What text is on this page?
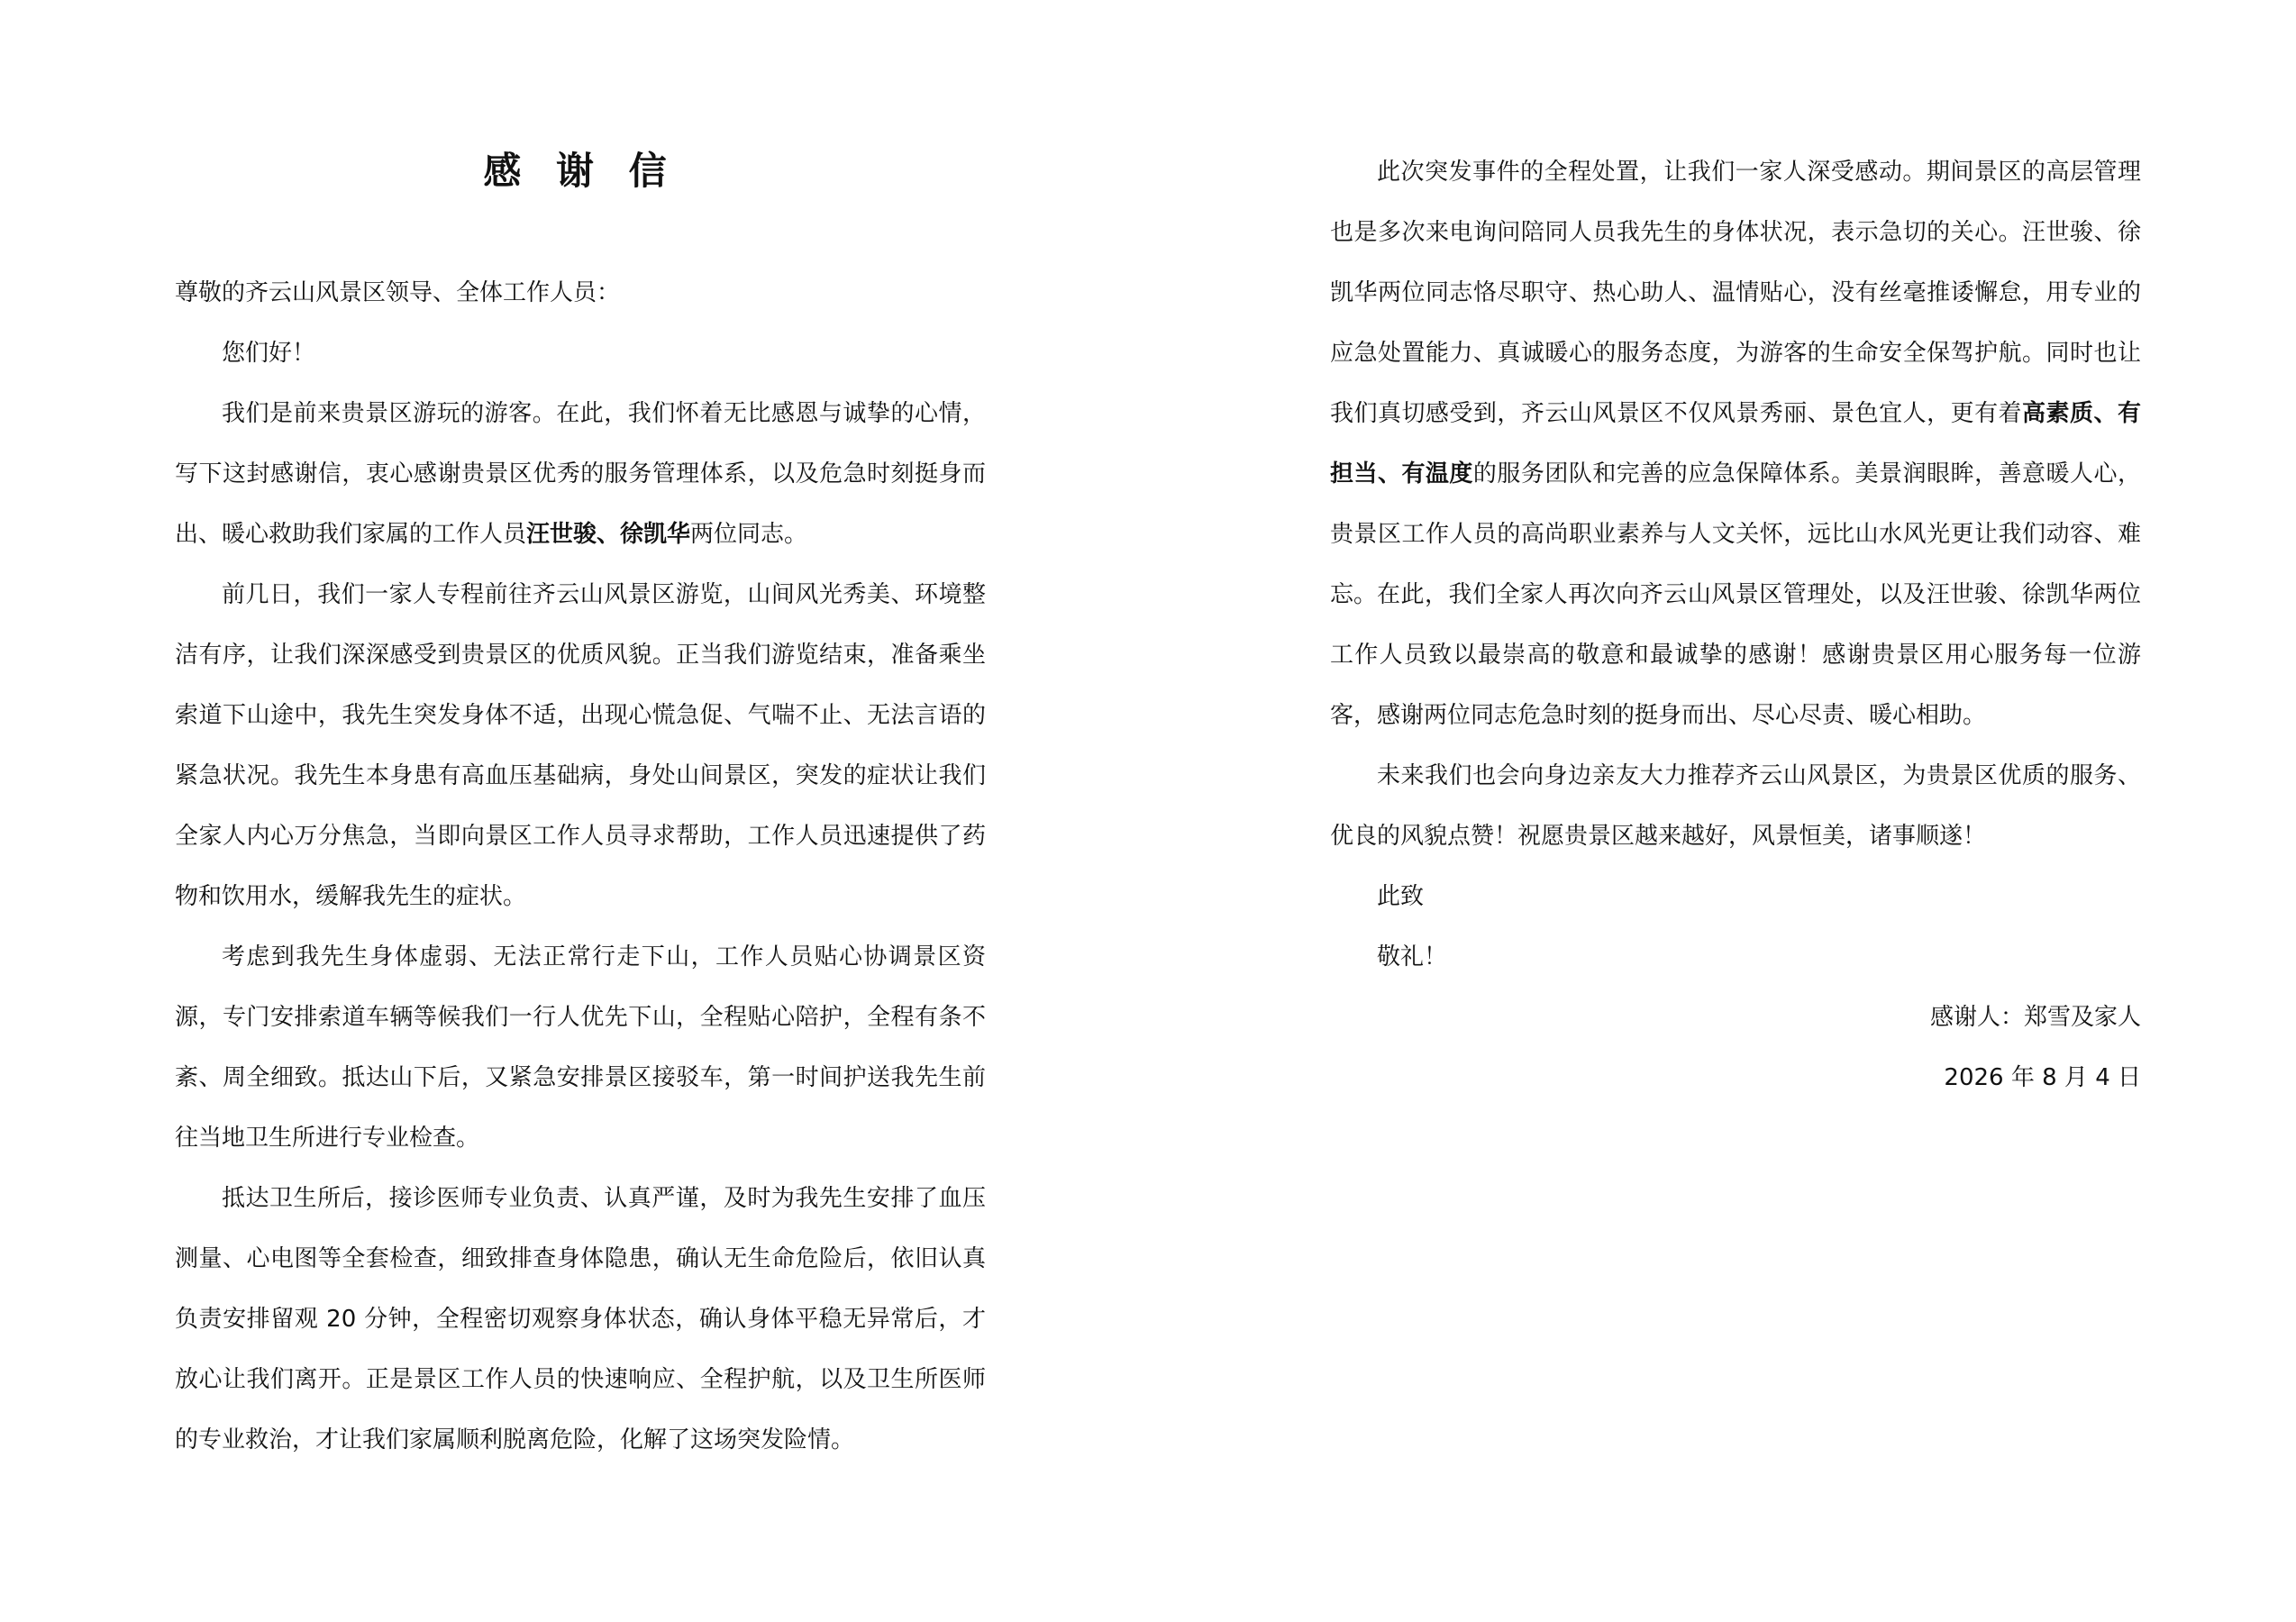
感 谢 信

尊敬的齐云山风景区领导、全体工作人员：

您们好！

我们是前来贵景区游玩的游客。在此，我们怀着无比感恩与诚挚的心情，写下这封感谢信，衷心感谢贵景区优秀的服务管理体系，以及危急时刻挺身而出、暖心救助我们家属的工作人员汪世骏、徐凯华两位同志。

前几日，我们一家人专程前往齐云山风景区游览，山间风光秀美、环境整洁有序，让我们深深感受到贵景区的优质风貌。正当我们游览结束，准备乘坐索道下山途中，我先生突发身体不适，出现心慌急促、气喘不止、无法言语的紧急状况。我先生本身患有高血压基础病，身处山间景区，突发的症状让我们全家人内心万分焦急，当即向景区工作人员寻求帮助，工作人员迅速提供了药物和饮用水，缓解我先生的症状。

考虑到我先生身体虚弱、无法正常行走下山，工作人员贴心协调景区资源，专门安排索道车辆等候我们一行人优先下山，全程贴心陪护，全程有条不紊、周全细致。抵达山下后，又紧急安排景区接驳车，第一时间护送我先生前往当地卫生所进行专业检查。

抵达卫生所后，接诊医师专业负责、认真严谨，及时为我先生安排了血压测量、心电图等全套检查，细致排查身体隐患，确认无生命危险后，依旧认真负责安排留观 20 分钟，全程密切观察身体状态，确认身体平稳无异常后，才放心让我们离开。正是景区工作人员的快速响应、全程护航，以及卫生所医师的专业救治，才让我们家属顺利脱离危险，化解了这场突发险情。

此次突发事件的全程处置，让我们一家人深受感动。期间景区的高层管理也是多次来电询问陪同人员我先生的身体状况，表示急切的关心。汪世骏、徐凯华两位同志恪尽职守、热心助人、温情贴心，没有丝毫推诿懈怠，用专业的应急处置能力、真诚暖心的服务态度，为游客的生命安全保驾护航。同时也让我们真切感受到，齐云山风景区不仅风景秀丽、景色宜人，更有着高素质、有担当、有温度的服务团队和完善的应急保障体系。美景润眼眸，善意暖人心，贵景区工作人员的高尚职业素养与人文关怀，远比山水风光更让我们动容、难忘。 在此，我们全家人再次向齐云山风景区管理处，以及汪世骏、徐凯华两位工作人员致以最崇高的敬意和最诚挚的感谢！感谢贵景区用心服务每一位游客，感谢两位同志危急时刻的挺身而出、尽心尽责、暖心相助。

未来我们也会向身边亲友大力推荐齐云山风景区，为贵景区优质的服务、优良的风貌点赞！祝愿贵景区越来越好，风景恒美，诸事顺遂！

此致

敬礼！

感谢人：郑雪及家人

2026 年 8 月 4 日
